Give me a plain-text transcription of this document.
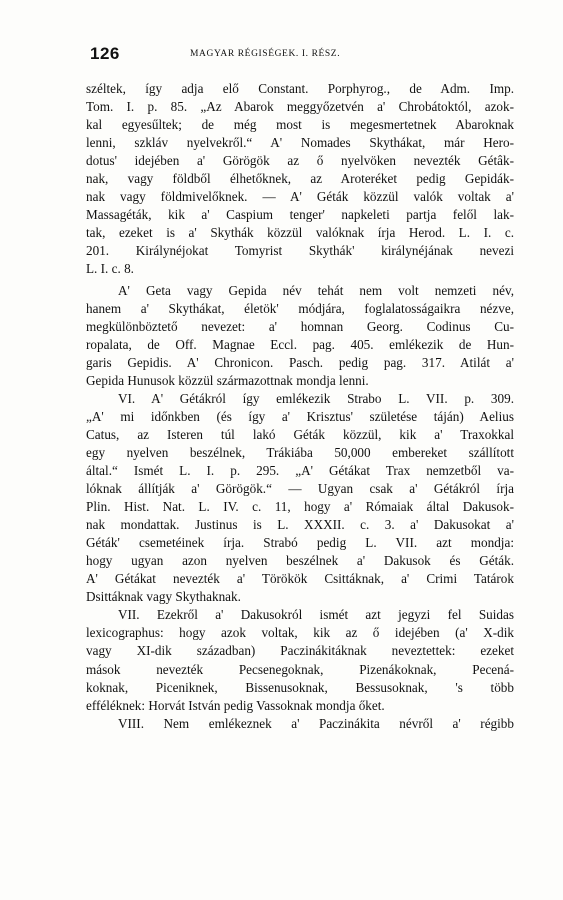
126	MAGYAR RÉGISÉGEK. I. RÉSZ.
széltek, így adja elő Constant. Porphyrog., de Adm. Imp.
Tom. I. p. 85. „Az Abarok meggyőzetvén a' Chrobátoktól, azok-
kal egyesűltek; de még most is megesmertetnek Abaroknak
lenni, szkláv nyelvekről.“ A' Nomades Skythákat, már Hero-
dotus' idejében a' Görögök az ő nyelvöken nevezték Gétâk-
nak, vagy földből élhetőknek, az Aroteréket pedig Gepidák-
nak vagy földmivelőknek. — A' Géták közzül valók voltak a'
Massagéták, kik a' Caspium tenger' napkeleti partja felől lak-
tak, ezeket is a' Skythák közzül valóknak írja Herod. L. I. c.
201. Királynéjokat Tomyrist Skythák' királynéjának nevezi
L. I. c. 8.
A' Geta vagy Gepida név tehát nem volt nemzeti név,
hanem a' Skythákat, életök' módjára, foglalatosságaikra nézve,
megkülönböztető nevezet: a' homnan Georg. Codinus Cu-
ropalata, de Off. Magnae Eccl. pag. 405. emlékezik de Hun-
garis Gepidis. A' Chronicon. Pasch. pedig pag. 317. Atilát a'
Gepida Hunusok közzül származottnak mondja lenni.
VI. A' Gétákról így emlékezik Strabo L. VII. p. 309.
„A' mi időnkben (és így a' Krisztus' születése táján) Aelius
Catus, az Isteren túl lakó Géták közzül, kik a' Traxokkal
egy nyelven beszélnek, Trákiába 50,000 embereket szállított
által.“ Ismét L. I. p. 295. „A' Gétákat Trax nemzetből va-
lóknak állítják a' Görögök.“ — Ugyan csak a' Gétákról írja
Plin. Hist. Nat. L. IV. c. 11, hogy a' Rómaiak által Dakusok-
nak mondattak. Justinus is L. XXXII. c. 3. a' Dakusokat a'
Géták' csemetéinek írja. Strabó pedig L. VII. azt mondja:
hogy ugyan azon nyelven beszélnek a' Dakusok és Géták.
A' Gétákat nevezték a' Törökök Csittáknak, a' Crimi Tatárok
Dsittáknak vagy Skythaknak.
VII. Ezekről a' Dakusokról ismét azt jegyzi fel Suidas
lexicographus: hogy azok voltak, kik az ő idejében (a' X-dik
vagy XI-dik században) Paczinákitáknak neveztettek: ezeket
mások nevezték Pecsenegoknak, Pizenákoknak, Pecená-
koknak, Piceniknek, Bissenusoknak, Bessusoknak, 's több
efféléknek: Horvát István pedig Vassoknak mondja őket.
VIII. Nem emlékeznek a' Paczinákita névről a' régibb
